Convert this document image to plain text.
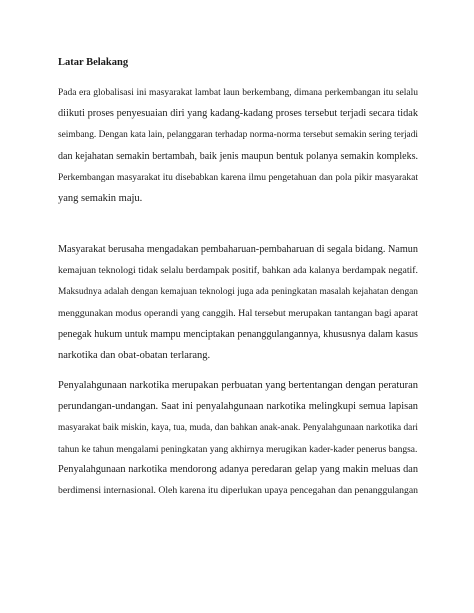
Latar Belakang
Pada era globalisasi ini masyarakat lambat laun berkembang, dimana perkembangan itu selalu
diikuti proses penyesuaian diri yang kadang-kadang proses tersebut terjadi secara tidak
seimbang. Dengan kata lain, pelanggaran terhadap norma-norma tersebut semakin sering terjadi
dan kejahatan semakin bertambah, baik jenis maupun bentuk polanya semakin kompleks.
Perkembangan masyarakat itu disebabkan karena ilmu pengetahuan dan pola pikir masyarakat
yang semakin maju.
Masyarakat berusaha mengadakan pembaharuan-pembaharuan di segala bidang. Namun
kemajuan teknologi tidak selalu berdampak positif, bahkan ada kalanya berdampak negatif.
Maksudnya adalah dengan kemajuan teknologi juga ada peningkatan masalah kejahatan dengan
menggunakan modus operandi yang canggih. Hal tersebut merupakan tantangan bagi aparat
penegak hukum untuk mampu menciptakan penanggulangannya, khususnya dalam kasus
narkotika dan obat-obatan terlarang.
Penyalahgunaan narkotika merupakan perbuatan yang bertentangan dengan peraturan
perundangan-undangan. Saat ini penyalahgunaan narkotika melingkupi semua lapisan
masyarakat baik miskin, kaya, tua, muda, dan bahkan anak-anak. Penyalahgunaan narkotika dari
tahun ke tahun mengalami peningkatan yang akhirnya merugikan kader-kader penerus bangsa.
Penyalahgunaan narkotika mendorong adanya peredaran gelap yang makin meluas dan
berdimensi internasional. Oleh karena itu diperlukan upaya pencegahan dan penanggulangan
